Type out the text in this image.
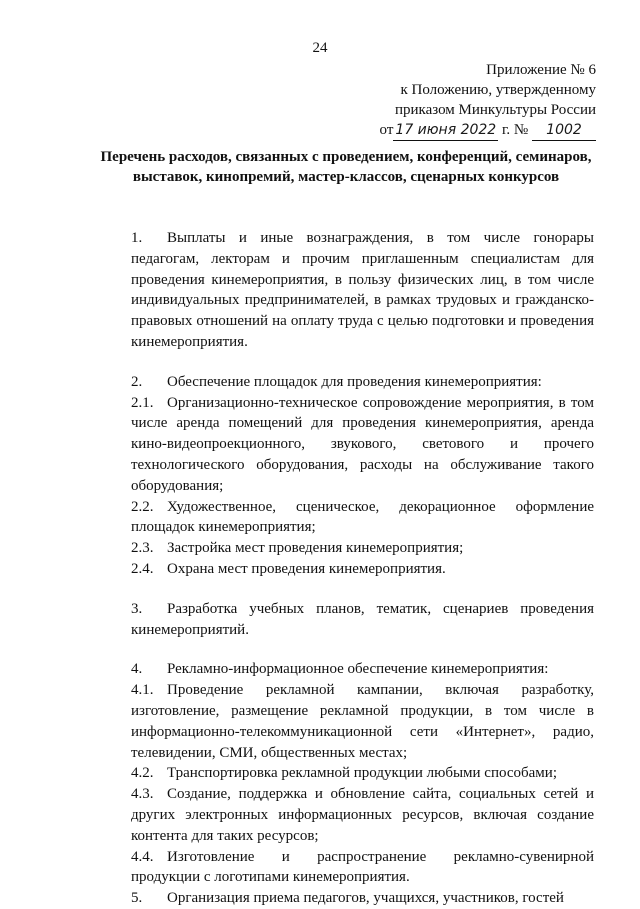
24
Приложение № 6
к Положению, утвержденному
приказом Минкультуры России
от 17 июня 2022 г. № 1002
Перечень расходов, связанных с проведением, конференций, семинаров, выставок, кинопремий, мастер-классов, сценарных конкурсов

1. Выплаты и иные вознаграждения, в том числе гонорары педагогам, лекторам и прочим приглашенным специалистам для проведения кинемероприятия, в пользу физических лиц, в том числе индивидуальных предпринимателей, в рамках трудовых и гражданско-правовых отношений на оплату труда с целью подготовки и проведения кинемероприятия.

2. Обеспечение площадок для проведения кинемероприятия:

2.1. Организационно-техническое сопровождение мероприятия, в том числе аренда помещений для проведения кинемероприятия, аренда кино-видеопроекционного, звукового, светового и прочего технологического оборудования, расходы на обслуживание такого оборудования;

2.2. Художественное, сценическое, декорационное оформление площадок кинемероприятия;

2.3. Застройка мест проведения кинемероприятия;

2.4. Охрана мест проведения кинемероприятия.

3. Разработка учебных планов, тематик, сценариев проведения кинемероприятий.

4. Рекламно-информационное обеспечение кинемероприятия:

4.1. Проведение рекламной кампании, включая разработку, изготовление, размещение рекламной продукции, в том числе в информационно-телекоммуникационной сети «Интернет», радио, телевидении, СМИ, общественных местах;

4.2. Транспортировка рекламной продукции любыми способами;

4.3. Создание, поддержка и обновление сайта, социальных сетей и других электронных информационных ресурсов, включая создание контента для таких ресурсов;

4.4. Изготовление и распространение рекламно-сувенирной продукции с логотипами кинемероприятия.

5. Организация приема педагогов, учащихся, участников, гостей
